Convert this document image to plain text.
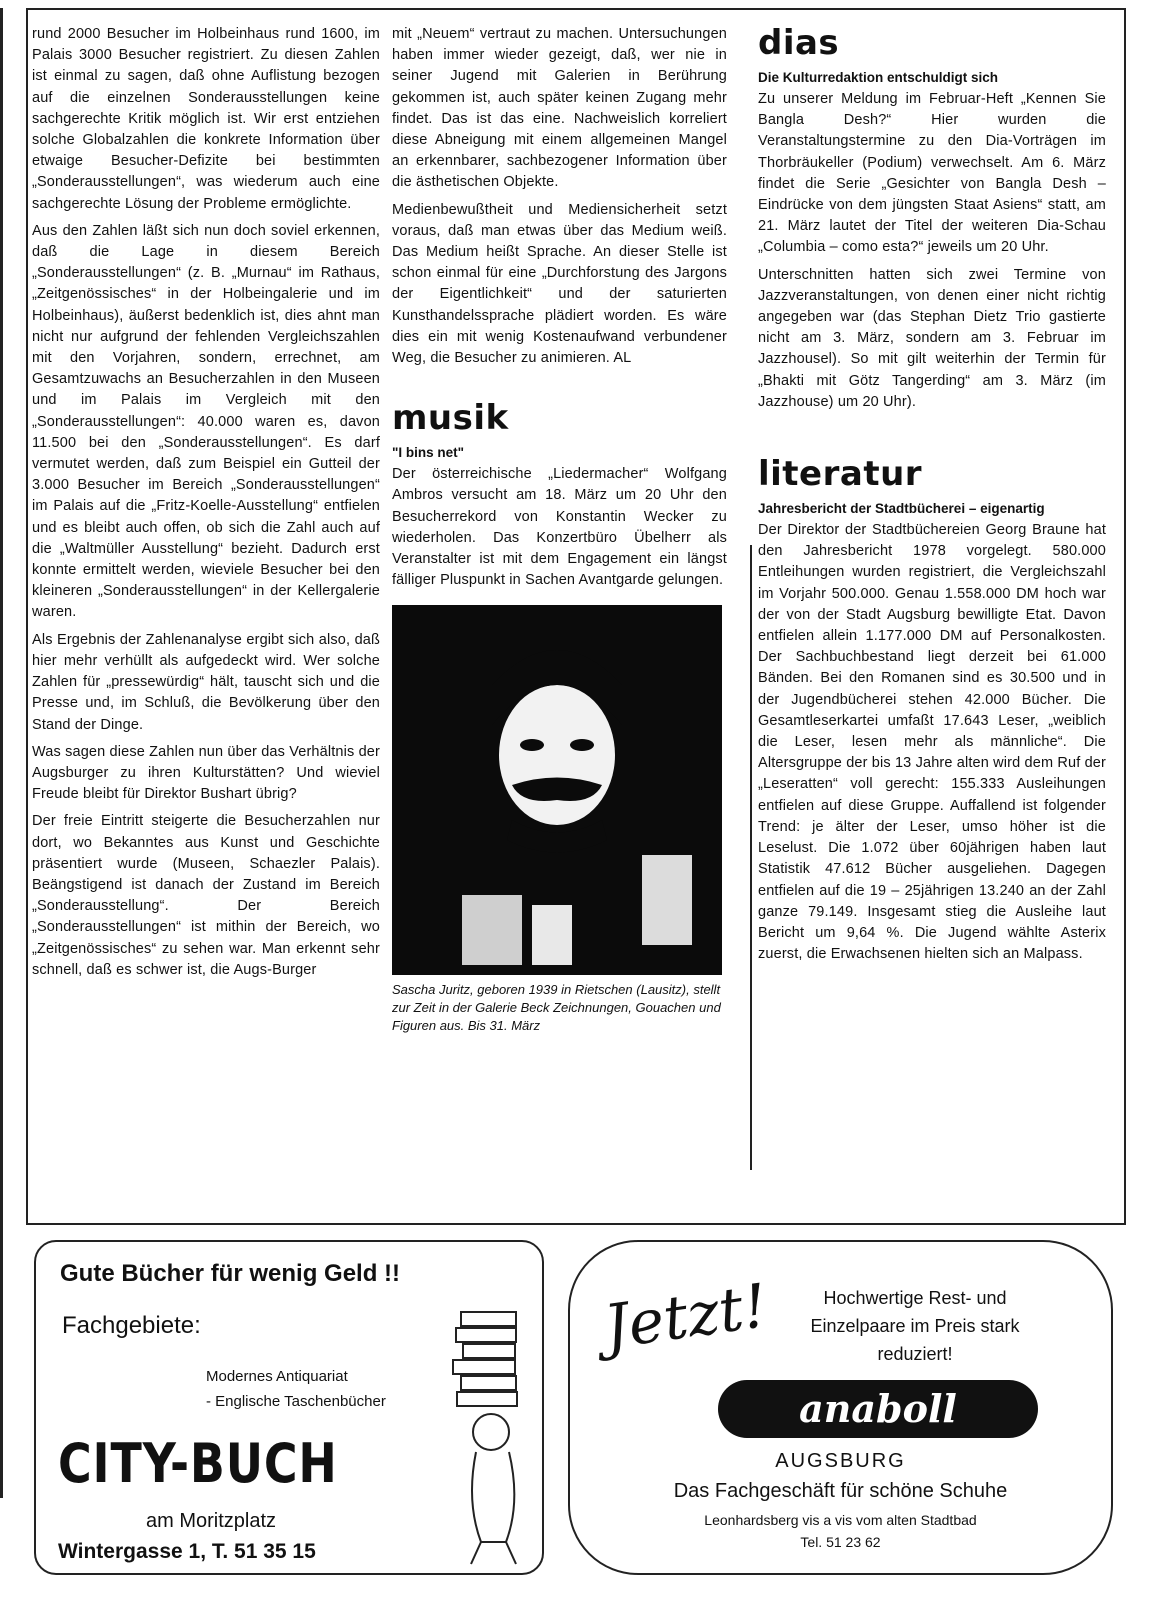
rund 2000 Besucher im Holbeinhaus rund 1600, im Palais 3000 Besucher registriert. Zu diesen Zahlen ist einmal zu sagen, daß ohne Auflistung bezogen auf die einzelnen Sonderausstellungen keine sachgerechte Kritik möglich ist. Wir erst entziehen solche Globalzahlen die konkrete Information über etwaige Besucher-Defizite bei bestimmten „Sonderausstellungen“, was wiederum auch eine sachgerechte Lösung der Probleme ermöglichte.

Aus den Zahlen läßt sich nun doch soviel erkennen, daß die Lage in diesem Bereich „Sonderausstellungen“ (z. B. „Murnau“ im Rathaus, „Zeitgenössisches“ in der Holbeingalerie und im Holbeinhaus), äußerst bedenklich ist, dies ahnt man nicht nur aufgrund der fehlenden Vergleichszahlen mit den Vorjahren, sondern, errechnet, am Gesamtzuwachs an Besucherzahlen in den Museen und im Palais im Vergleich mit den „Sonderausstellungen“: 40.000 waren es, davon 11.500 bei den „Sonderausstellungen“. Es darf vermutet werden, daß zum Beispiel ein Gutteil der 3.000 Besucher im Bereich „Sonderausstellungen“ im Palais auf die „Fritz-Koelle-Ausstellung“ entfielen und es bleibt auch offen, ob sich die Zahl auch auf die „Waltmüller Ausstellung“ bezieht. Dadurch erst konnte ermittelt werden, wieviele Besucher bei den kleineren „Sonderausstellungen“ in der Kellergalerie waren.

Als Ergebnis der Zahlenanalyse ergibt sich also, daß hier mehr verhüllt als aufgedeckt wird. Wer solche Zahlen für „pressewürdig“ hält, tauscht sich und die Presse und, im Schluß, die Bevölkerung über den Stand der Dinge.

Was sagen diese Zahlen nun über das Verhältnis der Augsburger zu ihren Kulturstätten? Und wieviel Freude bleibt für Direktor Bushart übrig?

Der freie Eintritt steigerte die Besucherzahlen nur dort, wo Bekanntes aus Kunst und Geschichte präsentiert wurde (Museen, Schaezler Palais). Beängstigend ist danach der Zustand im Bereich „Sonderausstellung“. Der Bereich „Sonderausstellungen“ ist mithin der Bereich, wo „Zeitgenössisches“ zu sehen war. Man erkennt sehr schnell, daß es schwer ist, die Augs-Burger

mit „Neuem“ vertraut zu machen. Untersuchungen haben immer wieder gezeigt, daß, wer nie in seiner Jugend mit Galerien in Berührung gekommen ist, auch später keinen Zugang mehr findet. Das ist das eine. Nachweislich korreliert diese Abneigung mit einem allgemeinen Mangel an erkennbarer, sachbezogener Information über die ästhetischen Objekte.

Medienbewußtheit und Mediensicherheit setzt voraus, daß man etwas über das Medium weiß. Das Medium heißt Sprache. An dieser Stelle ist schon einmal für eine „Durchforstung des Jargons der Eigentlichkeit“ und der saturierten Kunsthandelssprache plädiert worden. Es wäre dies ein mit wenig Kostenaufwand verbundener Weg, die Besucher zu animieren. AL

musik
"I bins net"

Der österreichische „Liedermacher“ Wolfgang Ambros versucht am 18. März um 20 Uhr den Besucherrekord von Konstantin Wecker zu wiederholen. Das Konzertbüro Übelherr als Veranstalter ist mit dem Engagement ein längst fälliger Pluspunkt in Sachen Avantgarde gelungen.

Sascha Juritz, geboren 1939 in Rietschen (Lausitz), stellt zur Zeit in der Galerie Beck Zeichnungen, Gouachen und Figuren aus. Bis 31. März
dias
Die Kulturredaktion entschuldigt sich

Zu unserer Meldung im Februar-Heft „Kennen Sie Bangla Desh?“ Hier wurden die Veranstaltungstermine zu den Dia-Vorträgen im Thorbräukeller (Podium) verwechselt. Am 6. März findet die Serie „Gesichter von Bangla Desh – Eindrücke von dem jüngsten Staat Asiens“ statt, am 21. März lautet der Titel der weiteren Dia-Schau „Columbia – como esta?“ jeweils um 20 Uhr.

Unterschnitten hatten sich zwei Termine von Jazzveranstaltungen, von denen einer nicht richtig angegeben war (das Stephan Dietz Trio gastierte nicht am 3. März, sondern am 3. Februar im Jazzhousel). So mit gilt weiterhin der Termin für „Bhakti mit Götz Tangerding“ am 3. März (im Jazzhouse) um 20 Uhr).

literatur
Jahresbericht der Stadtbücherei – eigenartig

Der Direktor der Stadtbüchereien Georg Braune hat den Jahresbericht 1978 vorgelegt. 580.000 Entleihungen wurden registriert, die Vergleichszahl im Vorjahr 500.000. Genau 1.558.000 DM hoch war der von der Stadt Augsburg bewilligte Etat. Davon entfielen allein 1.177.000 DM auf Personalkosten. Der Sachbuchbestand liegt derzeit bei 61.000 Bänden. Bei den Romanen sind es 30.500 und in der Jugendbücherei stehen 42.000 Bücher. Die Gesamtleserkartei umfaßt 17.643 Leser, „weiblich die Leser, lesen mehr als männliche“. Die Altersgruppe der bis 13 Jahre alten wird dem Ruf der „Leseratten“ voll gerecht: 155.333 Ausleihungen entfielen auf diese Gruppe. Auffallend ist folgender Trend: je älter der Leser, umso höher ist die Leselust. Die 1.072 über 60jährigen haben laut Statistik 47.612 Bücher ausgeliehen. Dagegen entfielen auf die 19 – 25jährigen 13.240 an der Zahl ganze 79.149. Insgesamt stieg die Ausleihe laut Bericht um 9,64 %. Die Jugend wählte Asterix zuerst, die Erwachsenen hielten sich an Malpass.

Gute Bücher für wenig Geld !!
Fachgebiete:
Modernes Antiquariat
- Englische Taschenbücher
CITY-BUCH
am Moritzplatz
Wintergasse 1, T. 51 35 15
Jetzt!	Hochwertige Rest- und Einzelpaare im Preis stark reduziert!
anaboll
AUGSBURG
Das Fachgeschäft für schöne Schuhe
Leonhardsberg vis a vis vom alten Stadtbad
Tel. 51 23 62
